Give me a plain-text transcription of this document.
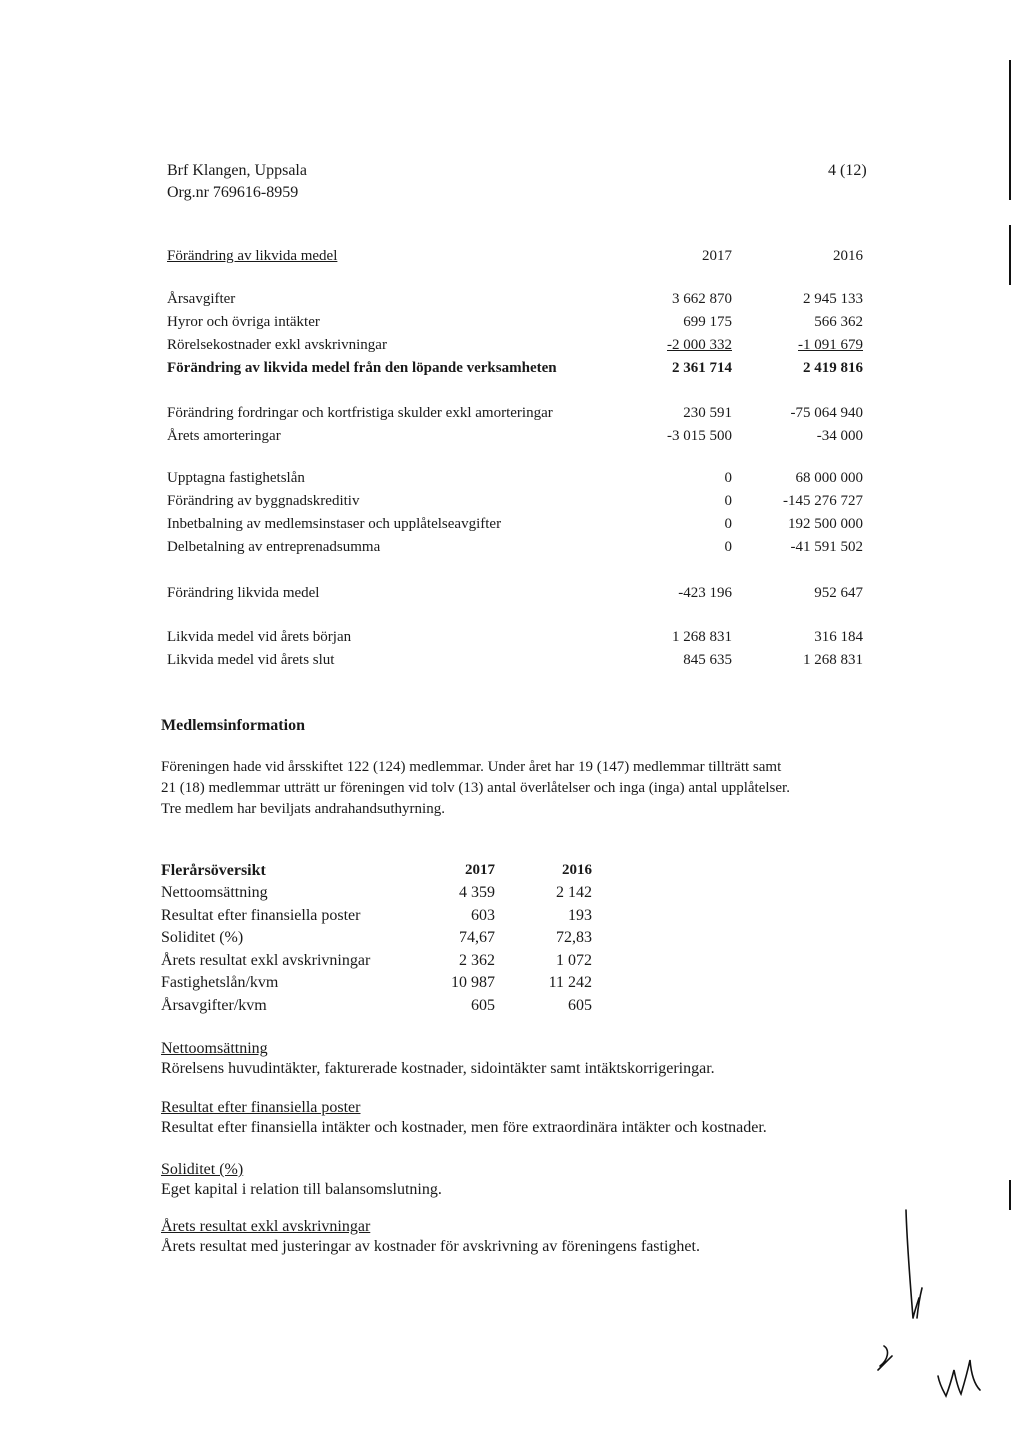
Brf Klangen, Uppsala
Org.nr 769616-8959
4 (12)
Förändring av likvida medel	2017	2016
Årsavgifter	3 662 870	2 945 133
Hyror och övriga intäkter	699 175	566 362
Rörelsekostnader exkl avskrivningar	-2 000 332	-1 091 679
Förändring av likvida medel från den löpande verksamheten	2 361 714	2 419 816
Förändring fordringar och kortfristiga skulder exkl amorteringar	230 591	-75 064 940
Årets amorteringar	-3 015 500	-34 000
Upptagna fastighetslån	0	68 000 000
Förändring av byggnadskreditiv	0	-145 276 727
Inbetbalning av medlemsinstaser och upplåtelseavgifter	0	192 500 000
Delbetalning av entreprenadsumma	0	-41 591 502
Förändring likvida medel	-423 196	952 647
Likvida medel vid årets början	1 268 831	316 184
Likvida medel vid årets slut	845 635	1 268 831
Medlemsinformation
Föreningen hade vid årsskiftet 122 (124) medlemmar. Under året har 19 (147) medlemmar tillträtt samt
21 (18) medlemmar utträtt ur föreningen vid tolv (13) antal överlåtelser och inga (inga) antal upplåtelser.
Tre medlem har beviljats andrahandsuthyrning.
Flerårsöversikt	2017	2016
Nettoomsättning	4 359	2 142
Resultat efter finansiella poster	603	193
Soliditet (%)	74,67	72,83
Årets resultat exkl avskrivningar	2 362	1 072
Fastighetslån/kvm	10 987	11 242
Årsavgifter/kvm	605	605
Nettoomsättning
Rörelsens huvudintäkter, fakturerade kostnader, sidointäkter samt intäktskorrigeringar.
Resultat efter finansiella poster
Resultat efter finansiella intäkter och kostnader, men före extraordinära intäkter och kostnader.
Soliditet (%)
Eget kapital i relation till balansomslutning.
Årets resultat exkl avskrivningar
Årets resultat med justeringar av kostnader för avskrivning av föreningens fastighet.
